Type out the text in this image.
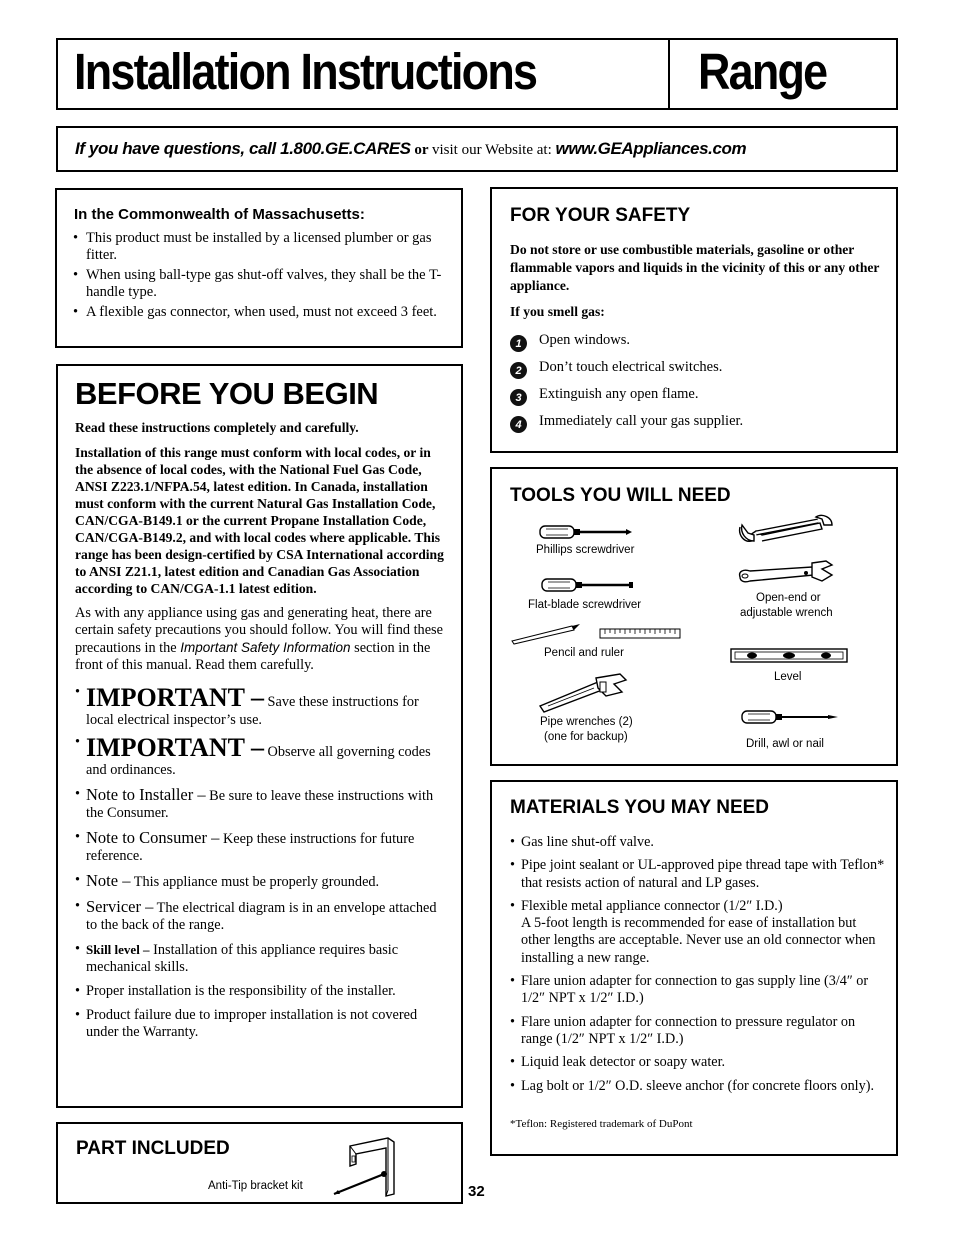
Installation Instructions	Range
If you have questions, call 1.800.GE.CARES or visit our Website at: www.GEAppliances.com
In the Commonwealth of Massachusetts:
• This product must be installed by a licensed plumber or gas fitter.
• When using ball-type gas shut-off valves, they shall be the T-handle type.
• A flexible gas connector, when used, must not exceed 3 feet.
BEFORE YOU BEGIN

Read these instructions completely and carefully.

Installation of this range must conform with local codes, or in the absence of local codes, with the National Fuel Gas Code, ANSI Z223.1/NFPA.54, latest edition. In Canada, installation must conform with the current Natural Gas Installation Code, CAN/CGA-B149.1 or the current Propane Installation Code, CAN/CGA-B149.2, and with local codes where applicable. This range has been design-certified by CSA International according to ANSI Z21.1, latest edition and Canadian Gas Association according to CAN/CGA-1.1 latest edition.

As with any appliance using gas and generating heat, there are certain safety precautions you should follow. You will find these precautions in the Important Safety Information section in the front of this manual. Read them carefully.

• IMPORTANT – Save these instructions for local electrical inspector’s use.
• IMPORTANT – Observe all governing codes and ordinances.
• Note to Installer – Be sure to leave these instructions with the Consumer.
• Note to Consumer – Keep these instructions for future reference.
• Note – This appliance must be properly grounded.
• Servicer – The electrical diagram is in an envelope attached to the back of the range.
• Skill level – Installation of this appliance requires basic mechanical skills.
• Proper installation is the responsibility of the installer.
• Product failure due to improper installation is not covered under the Warranty.
FOR YOUR SAFETY
Do not store or use combustible materials, gasoline or other flammable vapors and liquids in the vicinity of this or any other appliance.
If you smell gas:
1	Open windows.
2	Don’t touch electrical switches.
3	Extinguish any open flame.
4	Immediately call your gas supplier.
TOOLS YOU WILL NEED
Phillips screwdriver
Flat-blade screwdriver
Pencil and ruler
Pipe wrenches (2)
(one for backup)
Open-end or
adjustable wrench
Level
Drill, awl or nail
MATERIALS YOU MAY NEED
• Gas line shut-off valve.
• Pipe joint sealant or UL-approved pipe thread tape with Teflon* that resists action of natural and LP gases.
• Flexible metal appliance connector (1/2″ I.D.)
A 5-foot length is recommended for ease of installation but other lengths are acceptable. Never use an old connector when installing a new range.
• Flare union adapter for connection to gas supply line (3/4″ or 1/2″ NPT x 1/2″ I.D.)
• Flare union adapter for connection to pressure regulator on range (1/2″ NPT x 1/2″ I.D.)
• Liquid leak detector or soapy water.
• Lag bolt or 1/2″ O.D. sleeve anchor (for concrete floors only).
*Teflon: Registered trademark of DuPont
PART INCLUDED
Anti-Tip bracket kit	32
